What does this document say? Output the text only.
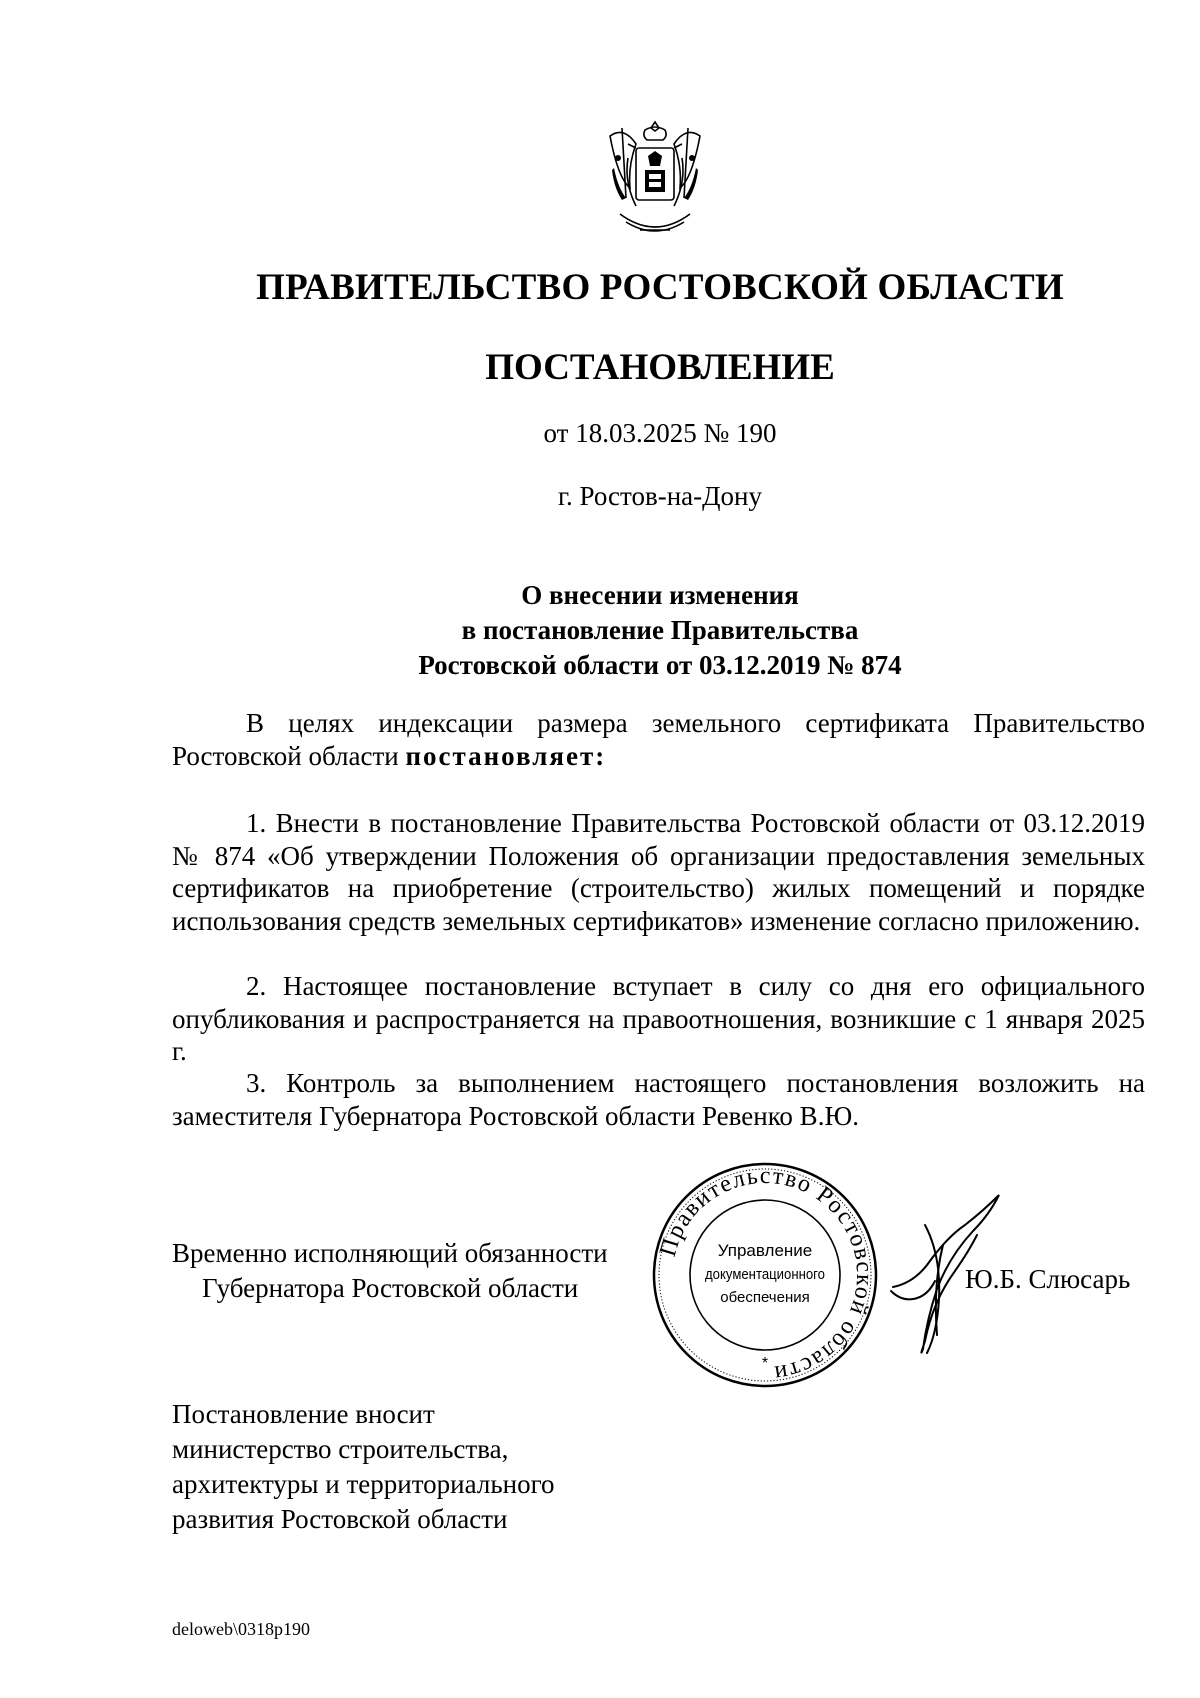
ПРАВИТЕЛЬСТВО РОСТОВСКОЙ ОБЛАСТИ
ПОСТАНОВЛЕНИЕ
от 18.03.2025 № 190
г. Ростов-на-Дону
О внесении изменения
в постановление Правительства
Ростовской области от 03.12.2019 № 874
В целях индексации размера земельного сертификата Правительство Ростовской области постановляет:
1. Внести в постановление Правительства Ростовской области от 03.12.2019 № 874 «Об утверждении Положения об организации предоставления земельных сертификатов на приобретение (строительство) жилых помещений и порядке использования средств земельных сертификатов» изменение согласно приложению.
2. Настоящее постановление вступает в силу со дня его официального опубликования и распространяется на правоотношения, возникшие с 1 января 2025 г.
3. Контроль за выполнением настоящего постановления возложить на заместителя Губернатора Ростовской области Ревенко В.Ю.
Временно исполняющий обязанности
Губернатора Ростовской области
Правительство Ростовской области
Управление
документационного
обеспечения
*
Ю.Б. Слюсарь
Постановление вносит
министерство строительства,
архитектуры и территориального
развития Ростовской области
deloweb\0318p190
